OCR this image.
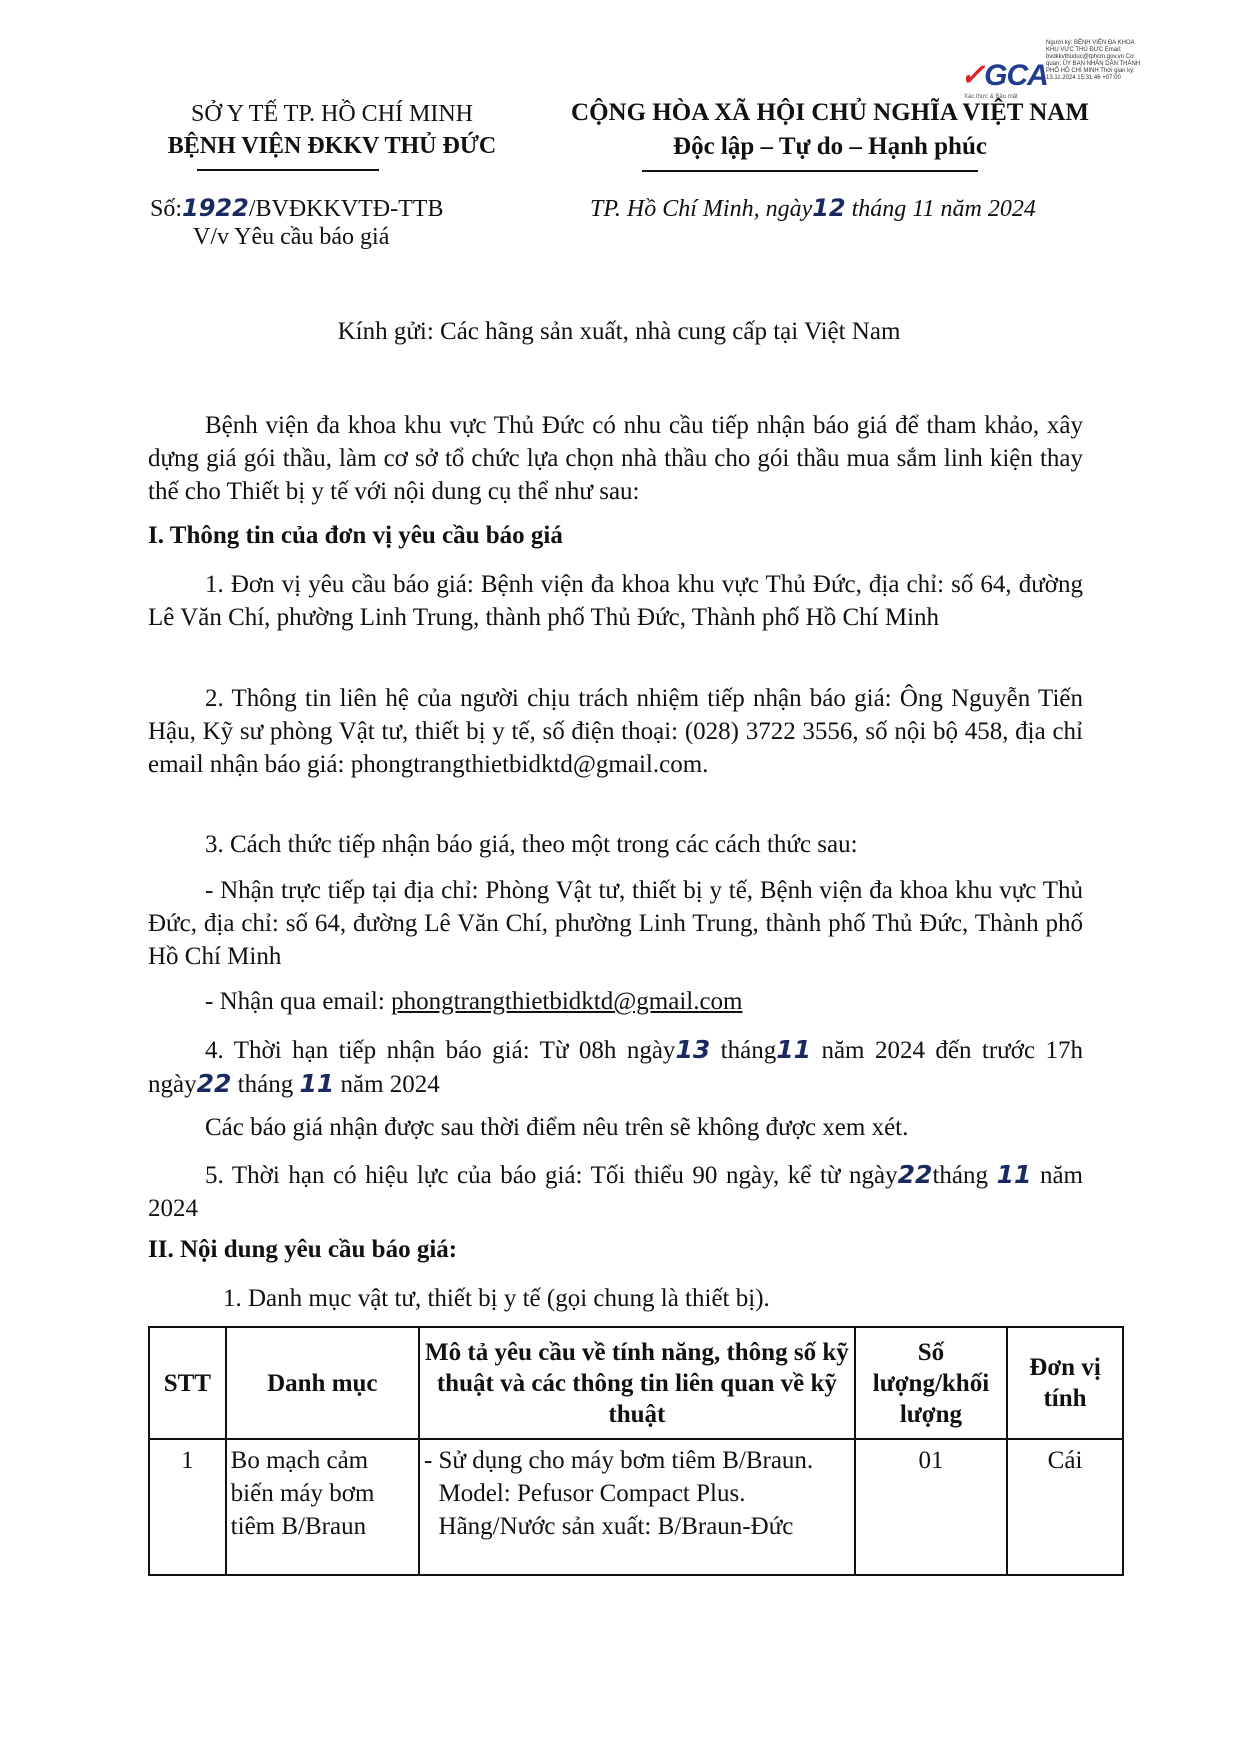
SỞ Y TẾ TP. HỒ CHÍ MINH
BỆNH VIỆN ĐKKV THỦ ĐỨC
CỘNG HÒA XÃ HỘI CHỦ NGHĨA VIỆT NAM
Độc lập – Tự do – Hạnh phúc
✓GCA
Người ký: BỆNH VIỆN ĐA KHOA KHU VỰC THỦ ĐỨC Email: bvdkkvthuduc@tphcm.gov.vn Cơ quan: ỦY BAN NHÂN DÂN THÀNH PHỐ HỒ CHÍ MINH Thời gian ký: 13.11.2024 15:31:46 +07:00
Xác thực & Bảo mật
Số:1922/BVĐKKVTĐ-TTB
V/v Yêu cầu báo giá
TP. Hồ Chí Minh, ngày12 tháng 11 năm 2024
Kính gửi: Các hãng sản xuất, nhà cung cấp tại Việt Nam
Bệnh viện đa khoa khu vực Thủ Đức có nhu cầu tiếp nhận báo giá để tham khảo, xây dựng giá gói thầu, làm cơ sở tổ chức lựa chọn nhà thầu cho gói thầu mua sắm linh kiện thay thế cho Thiết bị y tế với nội dung cụ thể như sau:
I. Thông tin của đơn vị yêu cầu báo giá
1. Đơn vị yêu cầu báo giá: Bệnh viện đa khoa khu vực Thủ Đức, địa chỉ: số 64, đường Lê Văn Chí, phường Linh Trung, thành phố Thủ Đức, Thành phố Hồ Chí Minh
2. Thông tin liên hệ của người chịu trách nhiệm tiếp nhận báo giá: Ông Nguyễn Tiến Hậu, Kỹ sư phòng Vật tư, thiết bị y tế, số điện thoại: (028) 3722 3556, số nội bộ 458, địa chỉ email nhận báo giá: phongtrangthietbidktd@gmail.com.
3. Cách thức tiếp nhận báo giá, theo một trong các cách thức sau:
- Nhận trực tiếp tại địa chỉ: Phòng Vật tư, thiết bị y tế, Bệnh viện đa khoa khu vực Thủ Đức, địa chỉ: số 64, đường Lê Văn Chí, phường Linh Trung, thành phố Thủ Đức, Thành phố Hồ Chí Minh
- Nhận qua email: phongtrangthietbidktd@gmail.com
4. Thời hạn tiếp nhận báo giá: Từ 08h ngày13 tháng11 năm 2024 đến trước 17h ngày22 tháng 11 năm 2024
Các báo giá nhận được sau thời điểm nêu trên sẽ không được xem xét.
5. Thời hạn có hiệu lực của báo giá: Tối thiểu 90 ngày, kể từ ngày22tháng 11 năm 2024
II. Nội dung yêu cầu báo giá:
1. Danh mục vật tư, thiết bị y tế (gọi chung là thiết bị).
STT	Danh mục	Mô tả yêu cầu về tính năng, thông số kỹ thuật và các thông tin liên quan về kỹ thuật	Số lượng/khối lượng	Đơn vị tính
1	Bo mạch cảm biến máy bơm tiêm B/Braun	- Sử dụng cho máy bơm tiêm B/Braun. Model: Pefusor Compact Plus. Hãng/Nước sản xuất: B/Braun-Đức	01	Cái
